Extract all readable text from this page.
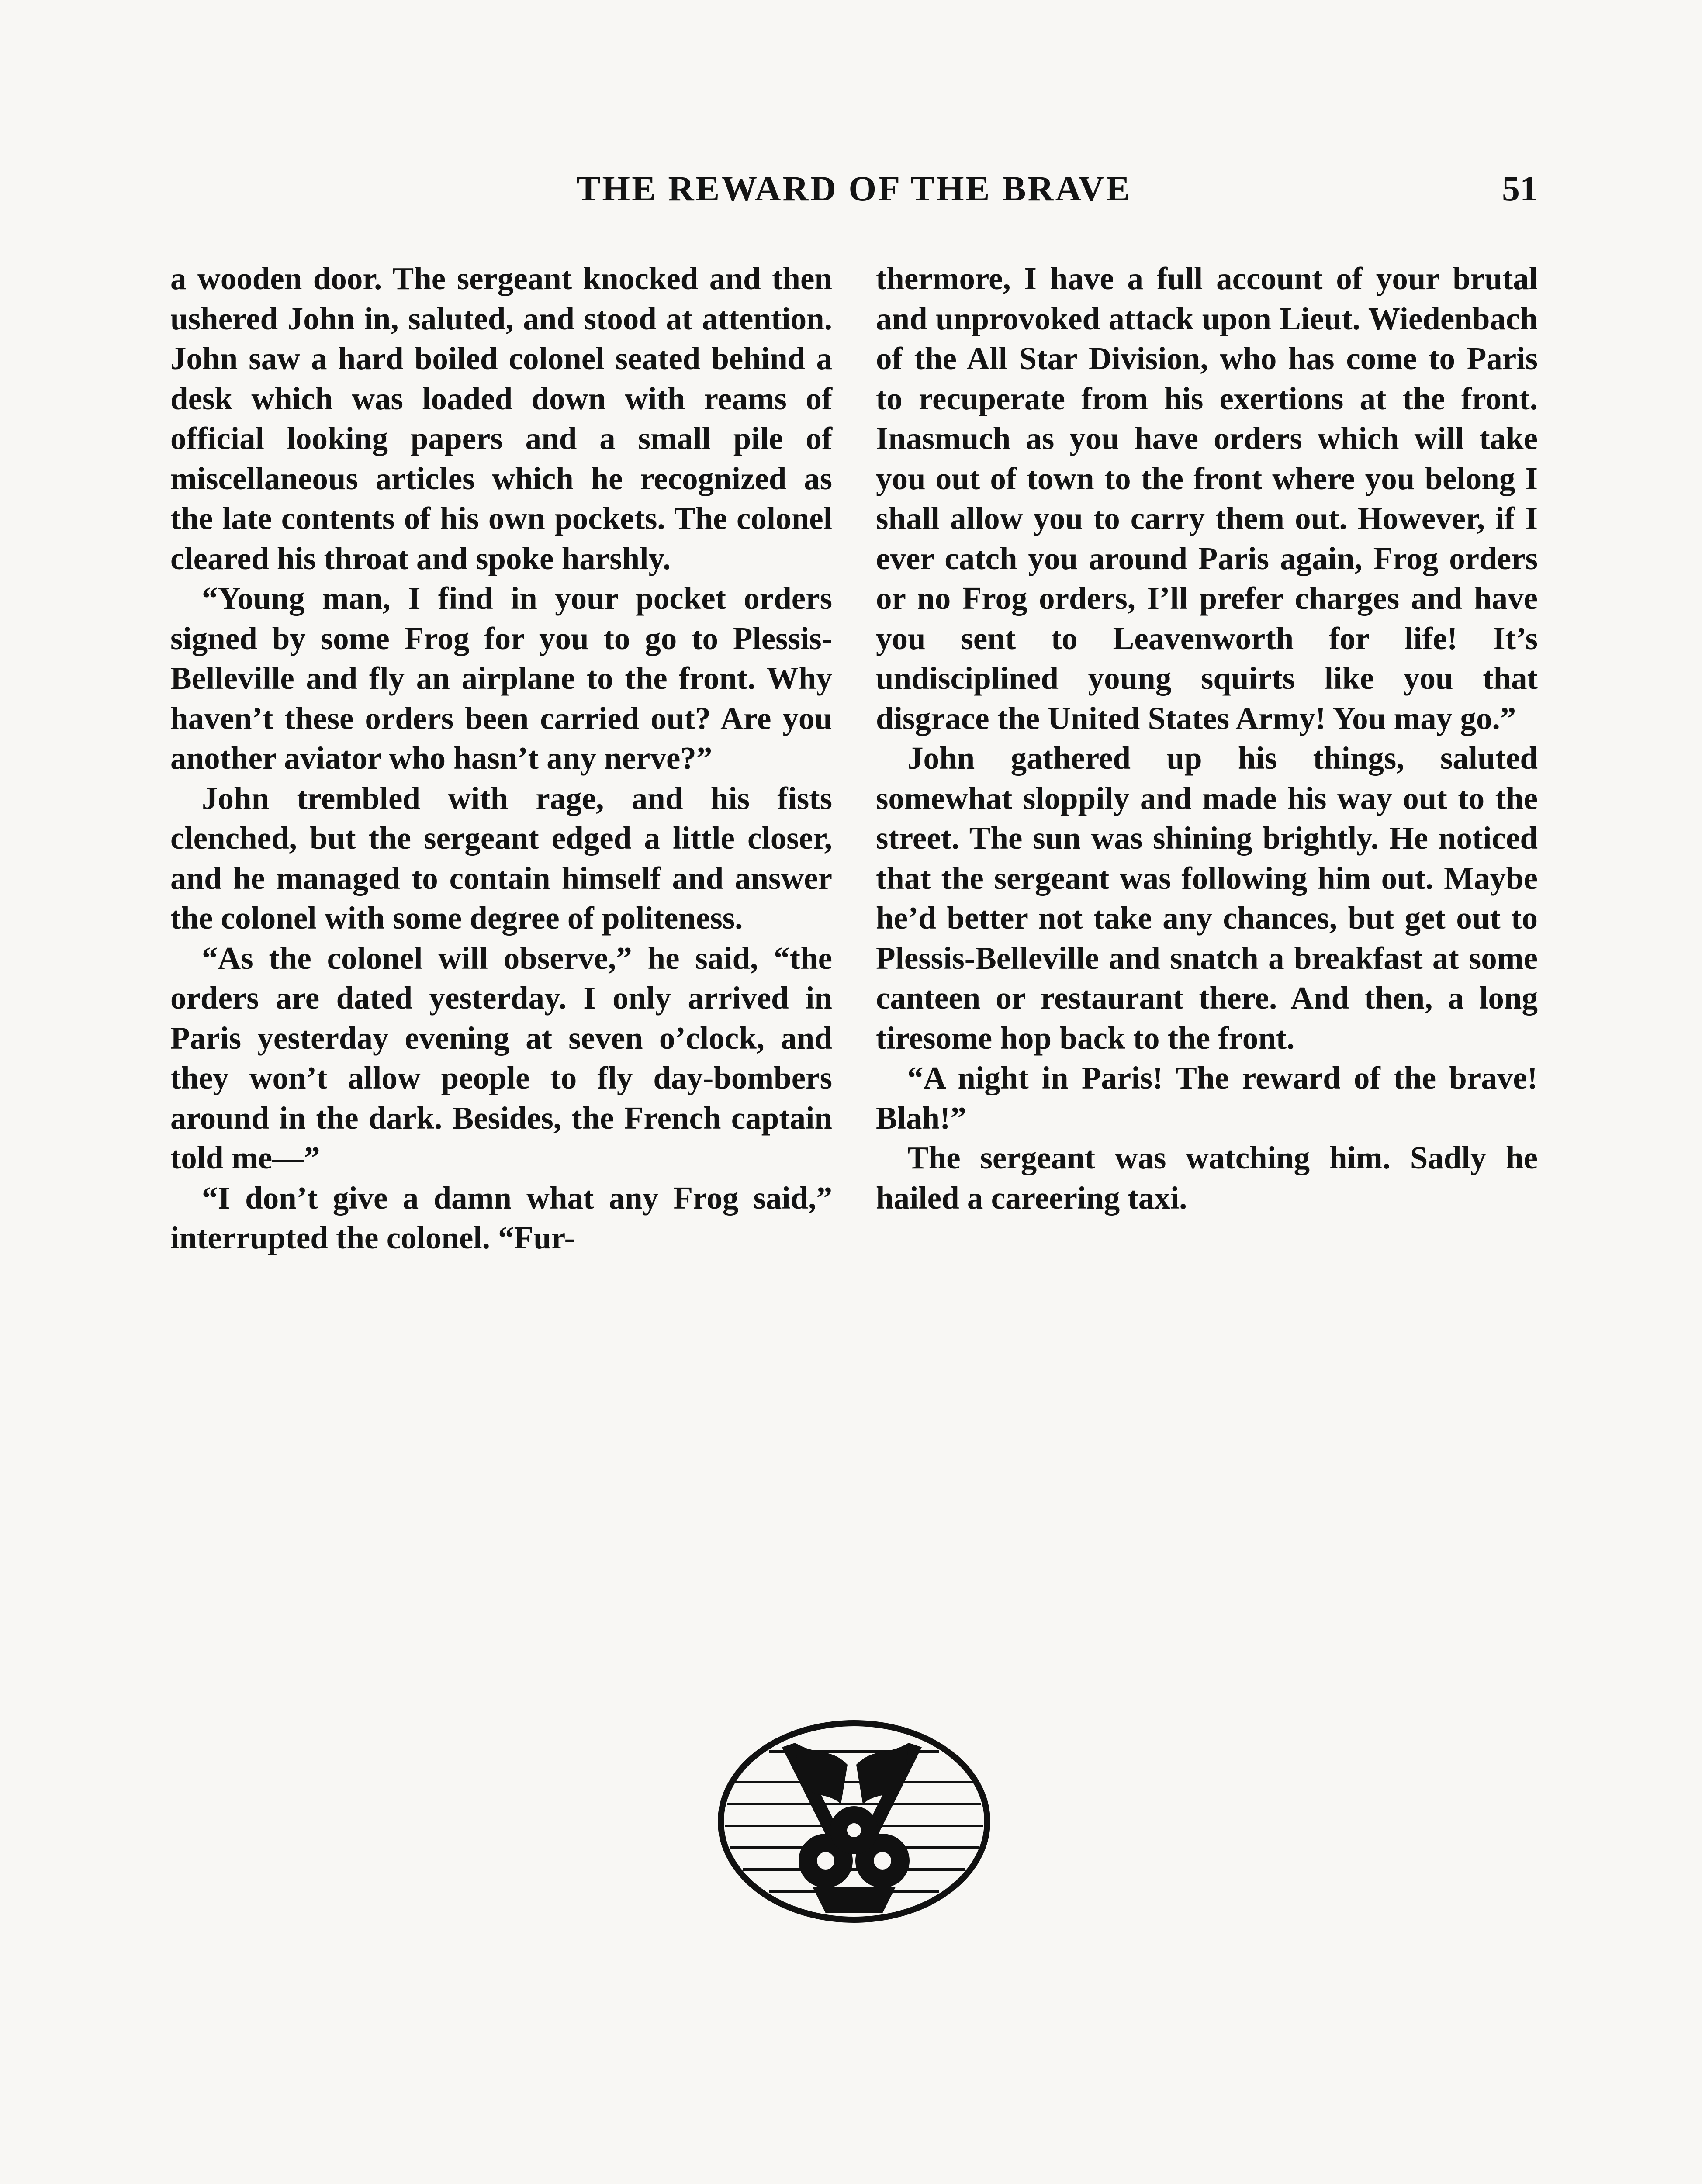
THE REWARD OF THE BRAVE	51

a wooden door. The sergeant knocked and then ushered John in, saluted, and stood at attention. John saw a hard boiled colonel seated behind a desk which was loaded down with reams of official looking papers and a small pile of miscellaneous articles which he recognized as the late contents of his own pockets. The colonel cleared his throat and spoke harshly.

“Young man, I find in your pocket orders signed by some Frog for you to go to Plessis-Belleville and fly an airplane to the front. Why haven’t these orders been carried out? Are you another aviator who hasn’t any nerve?”

John trembled with rage, and his fists clenched, but the sergeant edged a little closer, and he managed to contain himself and answer the colonel with some degree of politeness.

“As the colonel will observe,” he said, “the orders are dated yesterday. I only arrived in Paris yesterday evening at seven o’clock, and they won’t allow people to fly day-bombers around in the dark. Besides, the French captain told me—”

“I don’t give a damn what any Frog said,” interrupted the colonel. “Fur-

thermore, I have a full account of your brutal and unprovoked attack upon Lieut. Wiedenbach of the All Star Division, who has come to Paris to recuperate from his exertions at the front. Inasmuch as you have orders which will take you out of town to the front where you belong I shall allow you to carry them out. However, if I ever catch you around Paris again, Frog orders or no Frog orders, I’ll prefer charges and have you sent to Leavenworth for life! It’s undisciplined young squirts like you that disgrace the United States Army! You may go.”

John gathered up his things, saluted somewhat sloppily and made his way out to the street. The sun was shining brightly. He noticed that the sergeant was following him out. Maybe he’d better not take any chances, but get out to Plessis-Belleville and snatch a breakfast at some canteen or restaurant there. And then, a long tiresome hop back to the front.

“A night in Paris! The reward of the brave! Blah!”

The sergeant was watching him. Sadly he hailed a careering taxi.
